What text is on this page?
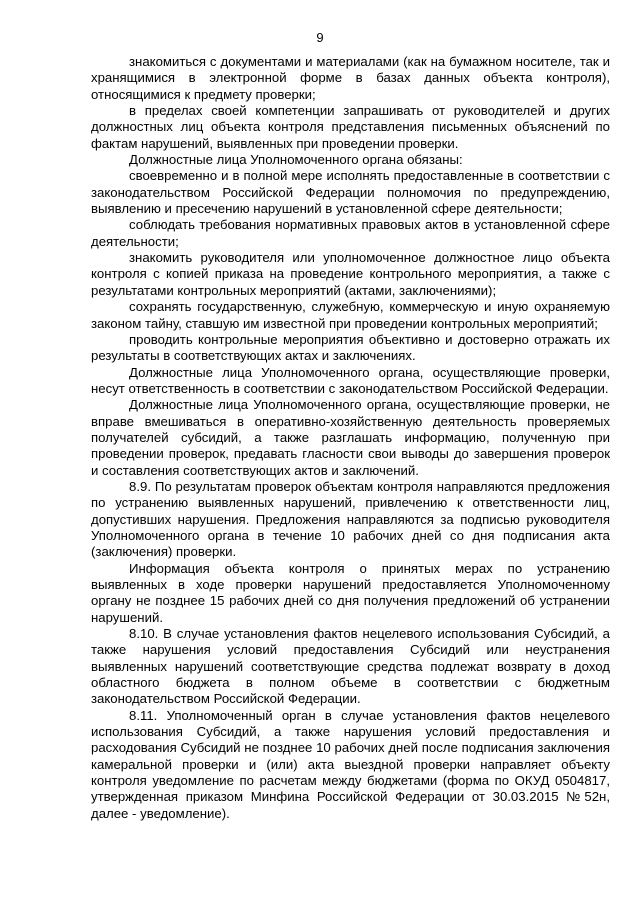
9

знакомиться с документами и материалами (как на бумажном носителе, так и хранящимися в электронной форме в базах данных объекта контроля), относящимися к предмету проверки;

в пределах своей компетенции запрашивать от руководителей и других должностных лиц объекта контроля представления письменных объяснений по фактам нарушений, выявленных при проведении проверки.

Должностные лица Уполномоченного органа обязаны:

своевременно и в полной мере исполнять предоставленные в соответствии с законодательством Российской Федерации полномочия по предупреждению, выявлению и пресечению нарушений в установленной сфере деятельности;

соблюдать требования нормативных правовых актов в установленной сфере деятельности;

знакомить руководителя или уполномоченное должностное лицо объекта контроля с копией приказа на проведение контрольного мероприятия, а также с результатами контрольных мероприятий (актами, заключениями);

сохранять государственную, служебную, коммерческую и иную охраняемую законом тайну, ставшую им известной при проведении контрольных мероприятий;

проводить контрольные мероприятия объективно и достоверно отражать их результаты в соответствующих актах и заключениях.

Должностные лица Уполномоченного органа, осуществляющие проверки, несут ответственность в соответствии с законодательством Российской Федерации.

Должностные лица Уполномоченного органа, осуществляющие проверки, не вправе вмешиваться в оперативно-хозяйственную деятельность проверяемых получателей субсидий, а также разглашать информацию, полученную при проведении проверок, предавать гласности свои выводы до завершения проверок и составления соответствующих актов и заключений.

8.9. По результатам проверок объектам контроля направляются предложения по устранению выявленных нарушений, привлечению к ответственности лиц, допустивших нарушения. Предложения направляются за подписью руководителя Уполномоченного органа в течение 10 рабочих дней со дня подписания акта (заключения) проверки.

Информация объекта контроля о принятых мерах по устранению выявленных в ходе проверки нарушений предоставляется Уполномоченному органу не позднее 15 рабочих дней со дня получения предложений об устранении нарушений.

8.10. В случае установления фактов нецелевого использования Субсидий, а также нарушения условий предоставления Субсидий или неустранения выявленных нарушений соответствующие средства подлежат возврату в доход областного бюджета в полном объеме в соответствии с бюджетным законодательством Российской Федерации.

8.11. Уполномоченный орган в случае установления фактов нецелевого использования Субсидий, а также нарушения условий предоставления и расходования Субсидий не позднее 10 рабочих дней после подписания заключения камеральной проверки и (или) акта выездной проверки направляет объекту контроля уведомление по расчетам между бюджетами (форма по ОКУД 0504817, утвержденная приказом Минфина Российской Федерации от 30.03.2015 №52н, далее - уведомление).
